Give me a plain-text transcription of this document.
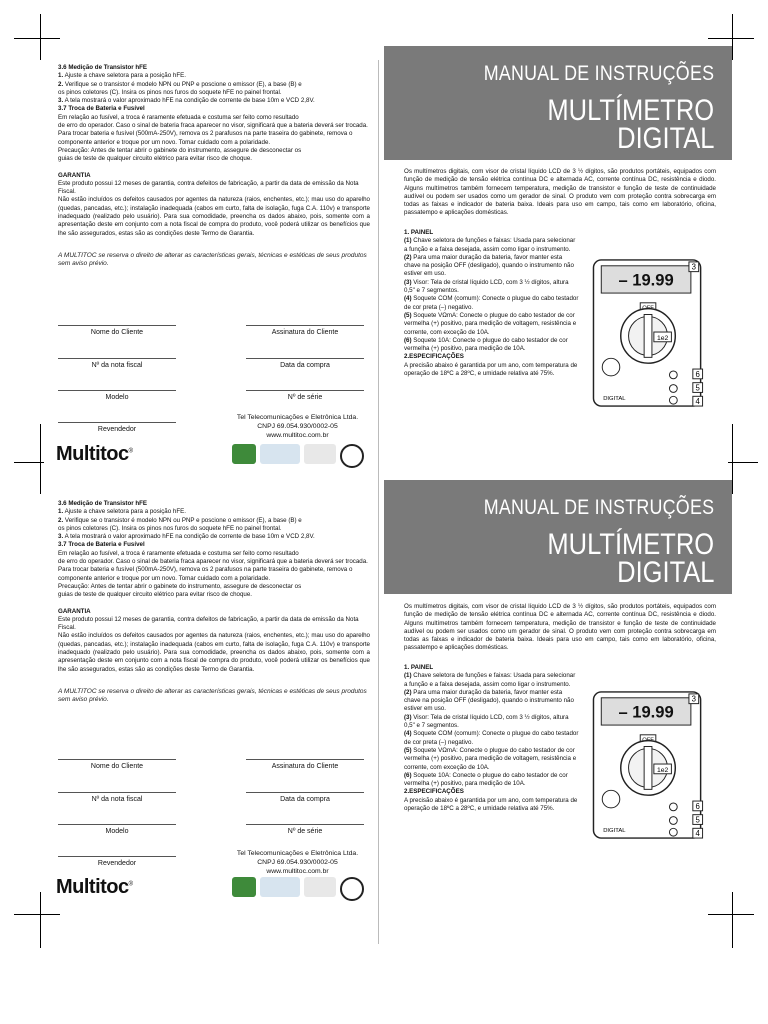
3.6 Medição de Transistor hFE

1. Ajuste a chave seletora para a posição hFE.

2. Verifique se o transistor é modelo NPN ou PNP e poscione o emissor (E), a base (B) e

os pinos coletores (C). Insira os pinos nos furos do soquete hFE no painel frontal.

3. A tela mostrará o valor aproximado hFE na condição de corrente de base 10m e VCD 2,8V.

3.7 Troca de Bateria e Fusível

Em relação ao fusível, a troca é raramente efetuada e costuma ser feito como resultado

de erro do operador. Caso o sinal de bateria fraca aparecer no visor, significará que a bateria deverá ser trocada.

Para trocar bateria e fusível (500mA-250V), remova os 2 parafusos na parte traseira do gabinete, remova o

componente anterior e troque por um novo. Tomar cuidado com a polaridade.

Precaução: Antes de tentar abrir o gabinete do instrumento, assegure de desconectar os

guias de teste de qualquer circuito elétrico para evitar risco de choque.

GARANTIA

Este produto possui 12 meses de garantia, contra defeitos de fabricação, a partir da data de emissão da Nota Fiscal.

Não estão incluídos os defeitos causados por agentes da natureza (raios, enchentes, etc.); mau uso do aparelho (quedas, pancadas, etc.); instalação inadequada (cabos em curto, falta de isolação, fuga C.A. 110v) e transporte inadequado (realizado pelo usuário). Para sua comodidade, preencha os dados abaixo, pois, somente com a apresentação deste em conjunto com a nota fiscal de compra do produto, você poderá utilizar os benefícios que lhe são assegurados, estas são as condições deste Termo de Garantia.

A MULTITOC se reserva o direito de alterar as características gerais, técnicas e estéticas de seus produtos sem aviso prévio.

Nome do Cliente	Assinatura do Cliente
Nº da nota fiscal	Data da compra
Modelo	Nº de série
Revendedor
Tel Telecomunicações e Eletrônica Ltda.
CNPJ 69.054.930/0002-05
www.multitoc.com.br
Multitoc®
MANUAL DE INSTRUÇÕES
MULTÍMETRO
DIGITAL

Os multímetros digitais, com visor de cristal líquido LCD de 3 ½ dígitos, são produtos portáteis, equipados com função de medição de tensão elétrica contínua DC e alternada AC, corrente contínua DC, resistência e diodo. Alguns multímetros também fornecem temperatura, medição de transistor e função de teste de continuidade audível ou podem ser usados como um gerador de sinal. O produto vem com proteção contra sobrecarga em todas as faixas e indicador de bateria baixa. Ideais para uso em campo, tais como em laboratório, oficina, passatempo e aplicações domésticas.

1. PAINEL

(1) Chave seletora de funções e faixas: Usada para selecionar a função e a faixa desejada, assim como ligar o instrumento.

(2) Para uma maior duração da bateria, favor manter esta chave na posição OFF (desligado), quando o instrumento não estiver em uso.

(3) Visor: Tela de cristal líquido LCD, com 3 ½ dígitos, altura 0,5" e 7 segmentos.

(4) Soquete COM (comum): Conecte o plugue do cabo testador de cor preta (–) negativo.

(5) Soquete VΩmA: Conecte o plugue do cabo testador de cor vermelha (+) positivo, para medição de voltagem, resistência e corrente, com exceção de 10A.

(6) Soquete 10A: Conecte o plugue do cabo testador de cor vermelha (+) positivo, para medição de 10A.

2.ESPECIFICAÇÕES

A precisão abaixo é garantida por um ano, com temperatura de operação de 18ºC a 28ºC, e umidade relativa até 75%.

– 19.99
3
1e2
6
5
4
DIGITAL

3.6 Medição de Transistor hFE

1. Ajuste a chave seletora para a posição hFE.

2. Verifique se o transistor é modelo NPN ou PNP e poscione o emissor (E), a base (B) e

os pinos coletores (C). Insira os pinos nos furos do soquete hFE no painel frontal.

3. A tela mostrará o valor aproximado hFE na condição de corrente de base 10m e VCD 2,8V.

3.7 Troca de Bateria e Fusível

Em relação ao fusível, a troca é raramente efetuada e costuma ser feito como resultado

de erro do operador. Caso o sinal de bateria fraca aparecer no visor, significará que a bateria deverá ser trocada.

Para trocar bateria e fusível (500mA-250V), remova os 2 parafusos na parte traseira do gabinete, remova o

componente anterior e troque por um novo. Tomar cuidado com a polaridade.

Precaução: Antes de tentar abrir o gabinete do instrumento, assegure de desconectar os

guias de teste de qualquer circuito elétrico para evitar risco de choque.

GARANTIA

Este produto possui 12 meses de garantia, contra defeitos de fabricação, a partir da data de emissão da Nota Fiscal.

Não estão incluídos os defeitos causados por agentes da natureza (raios, enchentes, etc.); mau uso do aparelho (quedas, pancadas, etc.); instalação inadequada (cabos em curto, falta de isolação, fuga C.A. 110v) e transporte inadequado (realizado pelo usuário). Para sua comodidade, preencha os dados abaixo, pois, somente com a apresentação deste em conjunto com a nota fiscal de compra do produto, você poderá utilizar os benefícios que lhe são assegurados, estas são as condições deste Termo de Garantia.

A MULTITOC se reserva o direito de alterar as características gerais, técnicas e estéticas de seus produtos sem aviso prévio.

Nome do Cliente	Assinatura do Cliente
Nº da nota fiscal	Data da compra
Modelo	Nº de série
Revendedor
Tel Telecomunicações e Eletrônica Ltda.
CNPJ 69.054.930/0002-05
www.multitoc.com.br
Multitoc®
MANUAL DE INSTRUÇÕES
MULTÍMETRO
DIGITAL

Os multímetros digitais, com visor de cristal líquido LCD de 3 ½ dígitos, são produtos portáteis, equipados com função de medição de tensão elétrica contínua DC e alternada AC, corrente contínua DC, resistência e diodo. Alguns multímetros também fornecem temperatura, medição de transistor e função de teste de continuidade audível ou podem ser usados como um gerador de sinal. O produto vem com proteção contra sobrecarga em todas as faixas e indicador de bateria baixa. Ideais para uso em campo, tais como em laboratório, oficina, passatempo e aplicações domésticas.

1. PAINEL

(1) Chave seletora de funções e faixas: Usada para selecionar a função e a faixa desejada, assim como ligar o instrumento.

(2) Para uma maior duração da bateria, favor manter esta chave na posição OFF (desligado), quando o instrumento não estiver em uso.

(3) Visor: Tela de cristal líquido LCD, com 3 ½ dígitos, altura 0,5" e 7 segmentos.

(4) Soquete COM (comum): Conecte o plugue do cabo testador de cor preta (–) negativo.

(5) Soquete VΩmA: Conecte o plugue do cabo testador de cor vermelha (+) positivo, para medição de voltagem, resistência e corrente, com exceção de 10A.

(6) Soquete 10A: Conecte o plugue do cabo testador de cor vermelha (+) positivo, para medição de 10A.

2.ESPECIFICAÇÕES

A precisão abaixo é garantida por um ano, com temperatura de operação de 18ºC a 28ºC, e umidade relativa até 75%.

– 19.99
3
1e2
6
5
4
DIGITAL
